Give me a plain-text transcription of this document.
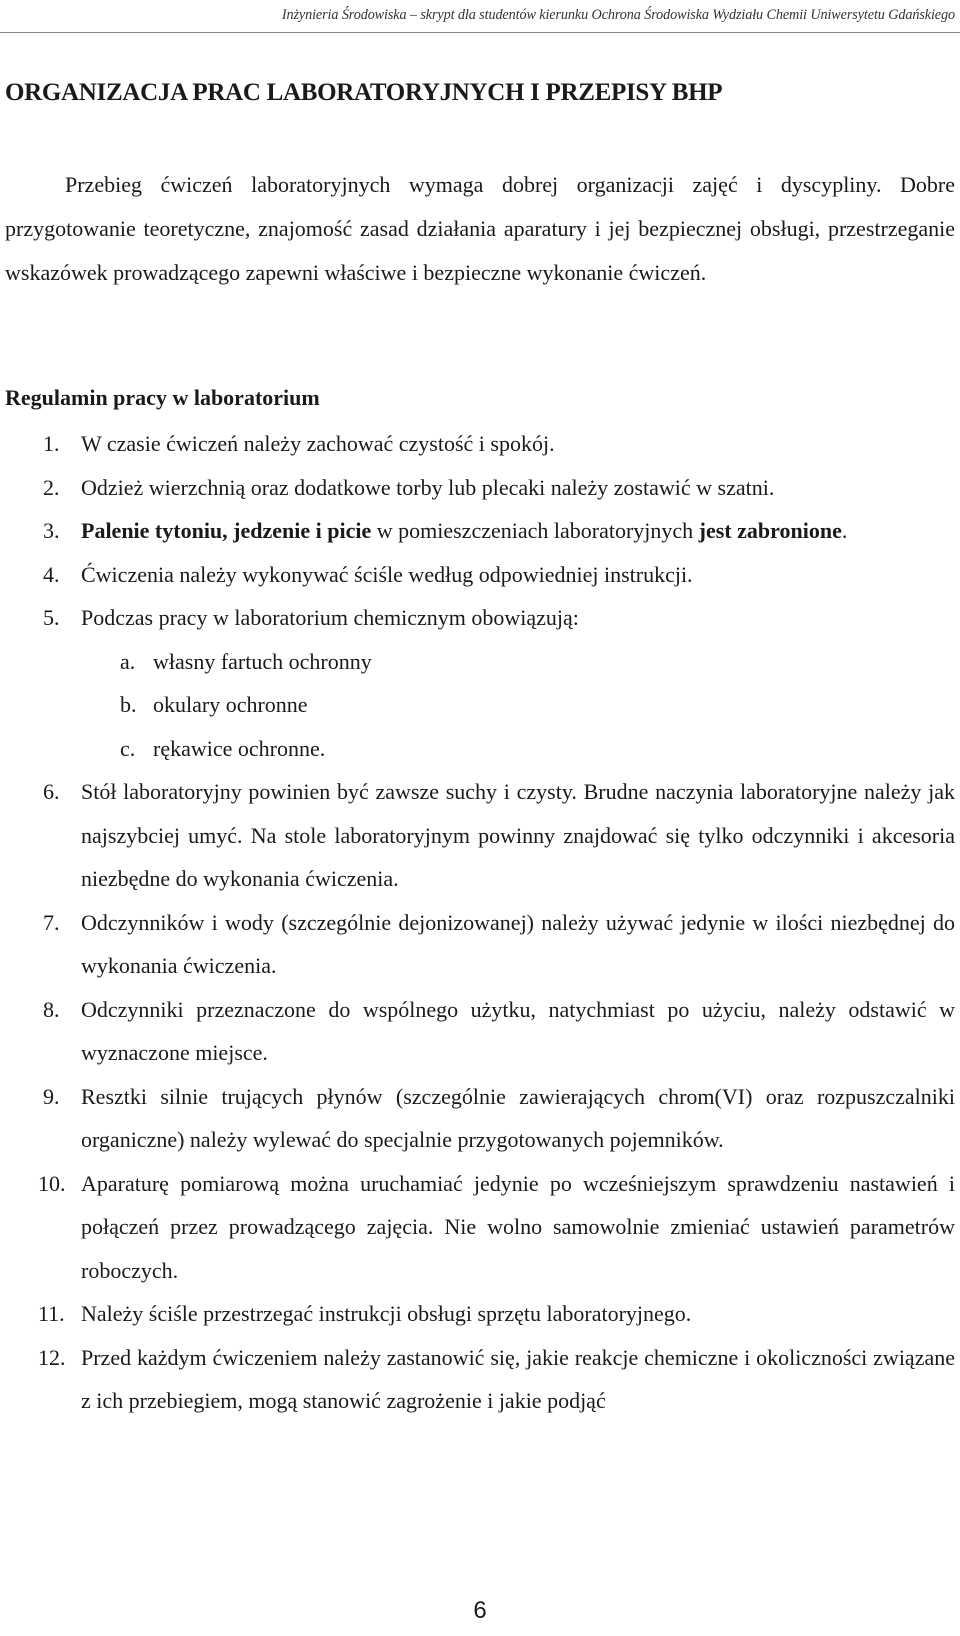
Inżynieria Środowiska – skrypt dla studentów kierunku Ochrona Środowiska Wydziału Chemii Uniwersytetu Gdańskiego
ORGANIZACJA PRAC LABORATORYJNYCH I PRZEPISY BHP

Przebieg ćwiczeń laboratoryjnych wymaga dobrej organizacji zajęć i dyscypliny. Dobre przygotowanie teoretyczne, znajomość zasad działania aparatury i jej bezpiecznej obsługi, przestrzeganie wskazówek prowadzącego zapewni właściwe i bezpieczne wykonanie ćwiczeń.

Regulamin pracy w laboratorium
1. W czasie ćwiczeń należy zachować czystość i spokój.
2. Odzież wierzchnią oraz dodatkowe torby lub plecaki należy zostawić w szatni.
3. Palenie tytoniu, jedzenie i picie w pomieszczeniach laboratoryjnych jest zabronione.
4. Ćwiczenia należy wykonywać ściśle według odpowiedniej instrukcji.
5. Podczas pracy w laboratorium chemicznym obowiązują:
a. własny fartuch ochronny
b. okulary ochronne
c. rękawice ochronne.
6. Stół laboratoryjny powinien być zawsze suchy i czysty. Brudne naczynia laboratoryjne należy jak najszybciej umyć. Na stole laboratoryjnym powinny znajdować się tylko odczynniki i akcesoria niezbędne do wykonania ćwiczenia.
7. Odczynników i wody (szczególnie dejonizowanej) należy używać jedynie w ilości niezbędnej do wykonania ćwiczenia.
8. Odczynniki przeznaczone do wspólnego użytku, natychmiast po użyciu, należy odstawić w wyznaczone miejsce.
9. Resztki silnie trujących płynów (szczególnie zawierających chrom(VI) oraz rozpuszczalniki organiczne) należy wylewać do specjalnie przygotowanych pojemników.
10. Aparaturę pomiarową można uruchamiać jedynie po wcześniejszym sprawdzeniu nastawień i połączeń przez prowadzącego zajęcia. Nie wolno samowolnie zmieniać ustawień parametrów roboczych.
11. Należy ściśle przestrzegać instrukcji obsługi sprzętu laboratoryjnego.
12. Przed każdym ćwiczeniem należy zastanowić się, jakie reakcje chemiczne i okoliczności związane z ich przebiegiem, mogą stanowić zagrożenie i jakie podjąć
6
